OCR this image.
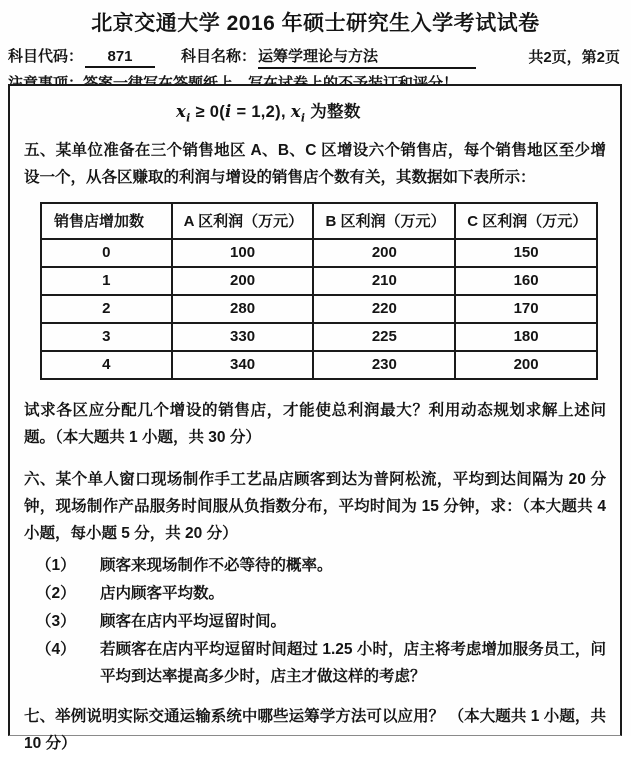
北京交通大学 2016 年硕士研究生入学考试试卷
科目代码： 871	科目名称： 运筹学理论与方法	共2页，第2页
$x_i \ge 0(i = 1,2)$, $x_i$ 为整数

五、某单位准备在三个销售地区 A、B、C 区增设六个销售店，每个销售地区至少增设一个，从各区赚取的利润与增设的销售店个数有关，其数据如下表所示：

销售店增加数	A 区利润（万元）	B 区利润（万元）	C 区利润（万元）
0	100	200	150
1	200	210	160
2	280	220	170
3	330	225	180
4	340	230	200

试求各区应分配几个增设的销售店，才能使总利润最大？利用动态规划求解上述问题。（本大题共 1 小题，共 30 分）

六、某个单人窗口现场制作手工艺品店顾客到达为普阿松流，平均到达间隔为 20 分钟，现场制作产品服务时间服从负指数分布，平均时间为 15 分钟，求：（本大题共 4 小题，每小题 5 分，共 20 分）

（1）	顾客来现场制作不必等待的概率。
（2）	店内顾客平均数。
（3）	顾客在店内平均逗留时间。
（4）	若顾客在店内平均逗留时间超过 1.25 小时，店主将考虑增加服务员工，问平均到达率提高多少时，店主才做这样的考虑？

七、举例说明实际交通运输系统中哪些运筹学方法可以应用？ （本大题共 1 小题，共 10 分）
